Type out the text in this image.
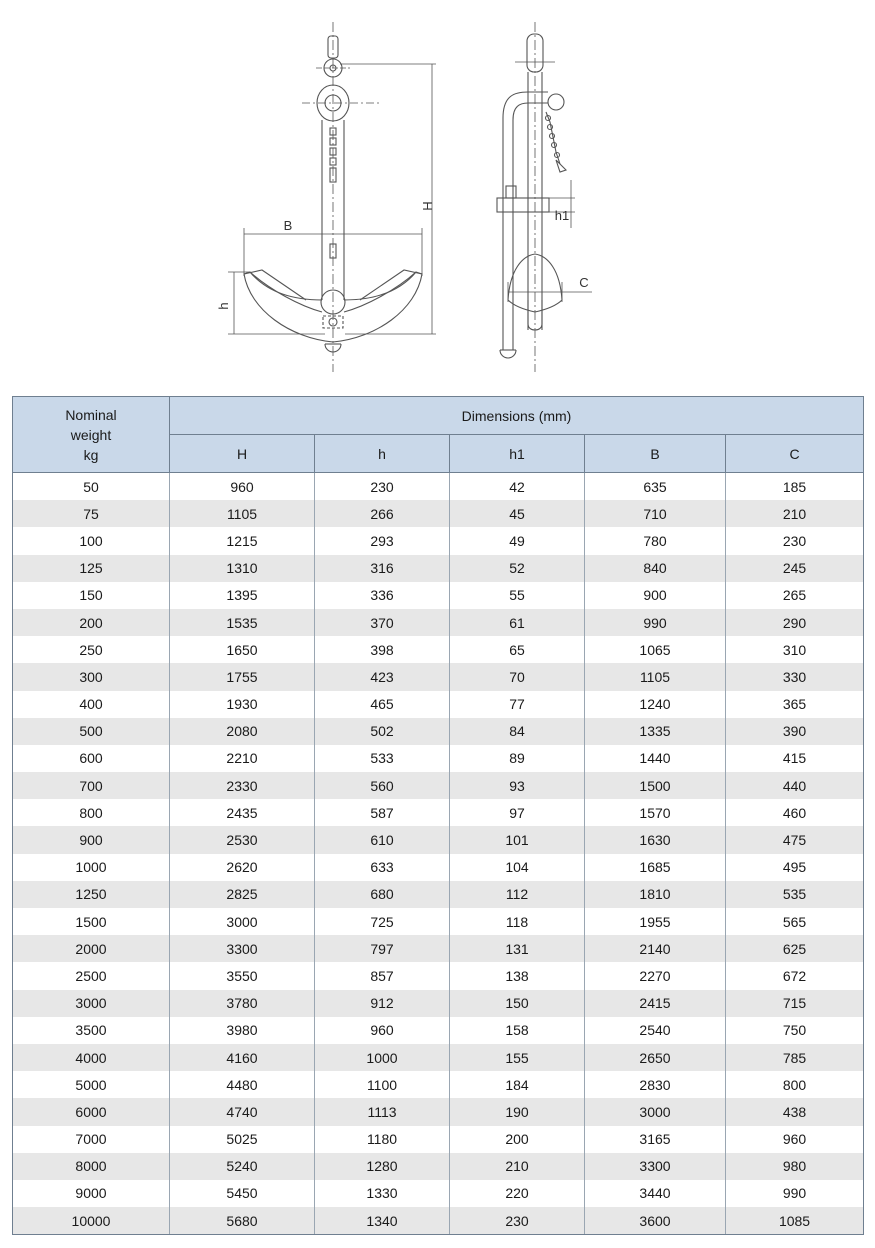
H
B
h
h1
C
Nominal
weight
kg	Dimensions (mm)				
	H	h	h1	B	C
50	960	230	42	635	185
75	1105	266	45	710	210
100	1215	293	49	780	230
125	1310	316	52	840	245
150	1395	336	55	900	265
200	1535	370	61	990	290
250	1650	398	65	1065	310
300	1755	423	70	1105	330
400	1930	465	77	1240	365
500	2080	502	84	1335	390
600	2210	533	89	1440	415
700	2330	560	93	1500	440
800	2435	587	97	1570	460
900	2530	610	101	1630	475
1000	2620	633	104	1685	495
1250	2825	680	112	1810	535
1500	3000	725	118	1955	565
2000	3300	797	131	2140	625
2500	3550	857	138	2270	672
3000	3780	912	150	2415	715
3500	3980	960	158	2540	750
4000	4160	1000	155	2650	785
5000	4480	1100	184	2830	800
6000	4740	1113	190	3000	438
7000	5025	1180	200	3165	960
8000	5240	1280	210	3300	980
9000	5450	1330	220	3440	990
10000	5680	1340	230	3600	1085
